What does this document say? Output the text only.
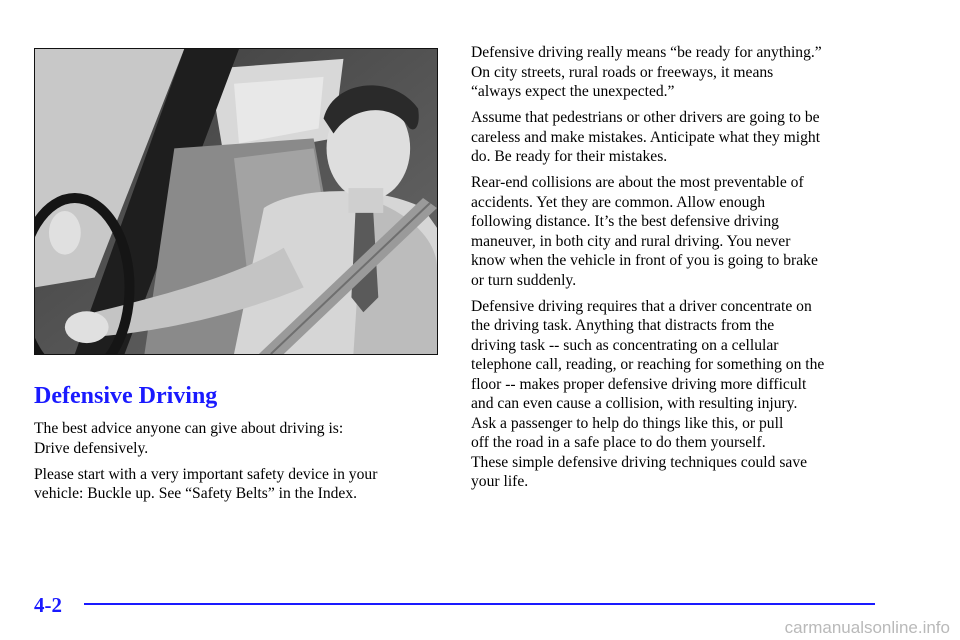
Defensive Driving

The best advice anyone can give about driving is:
Drive defensively.

Please start with a very important safety device in your
vehicle: Buckle up. See “Safety Belts” in the Index.

Defensive driving really means “be ready for anything.”
On city streets, rural roads or freeways, it means
“always expect the unexpected.”

Assume that pedestrians or other drivers are going to be
careless and make mistakes. Anticipate what they might
do. Be ready for their mistakes.

Rear-end collisions are about the most preventable of
accidents. Yet they are common. Allow enough
following distance. It’s the best defensive driving
maneuver, in both city and rural driving. You never
know when the vehicle in front of you is going to brake
or turn suddenly.

Defensive driving requires that a driver concentrate on
the driving task. Anything that distracts from the
driving task -- such as concentrating on a cellular
telephone call, reading, or reaching for something on the
floor -- makes proper defensive driving more difficult
and can even cause a collision, with resulting injury.
Ask a passenger to help do things like this, or pull
off the road in a safe place to do them yourself.
These simple defensive driving techniques could save
your life.

4-2
carmanualsonline.info
